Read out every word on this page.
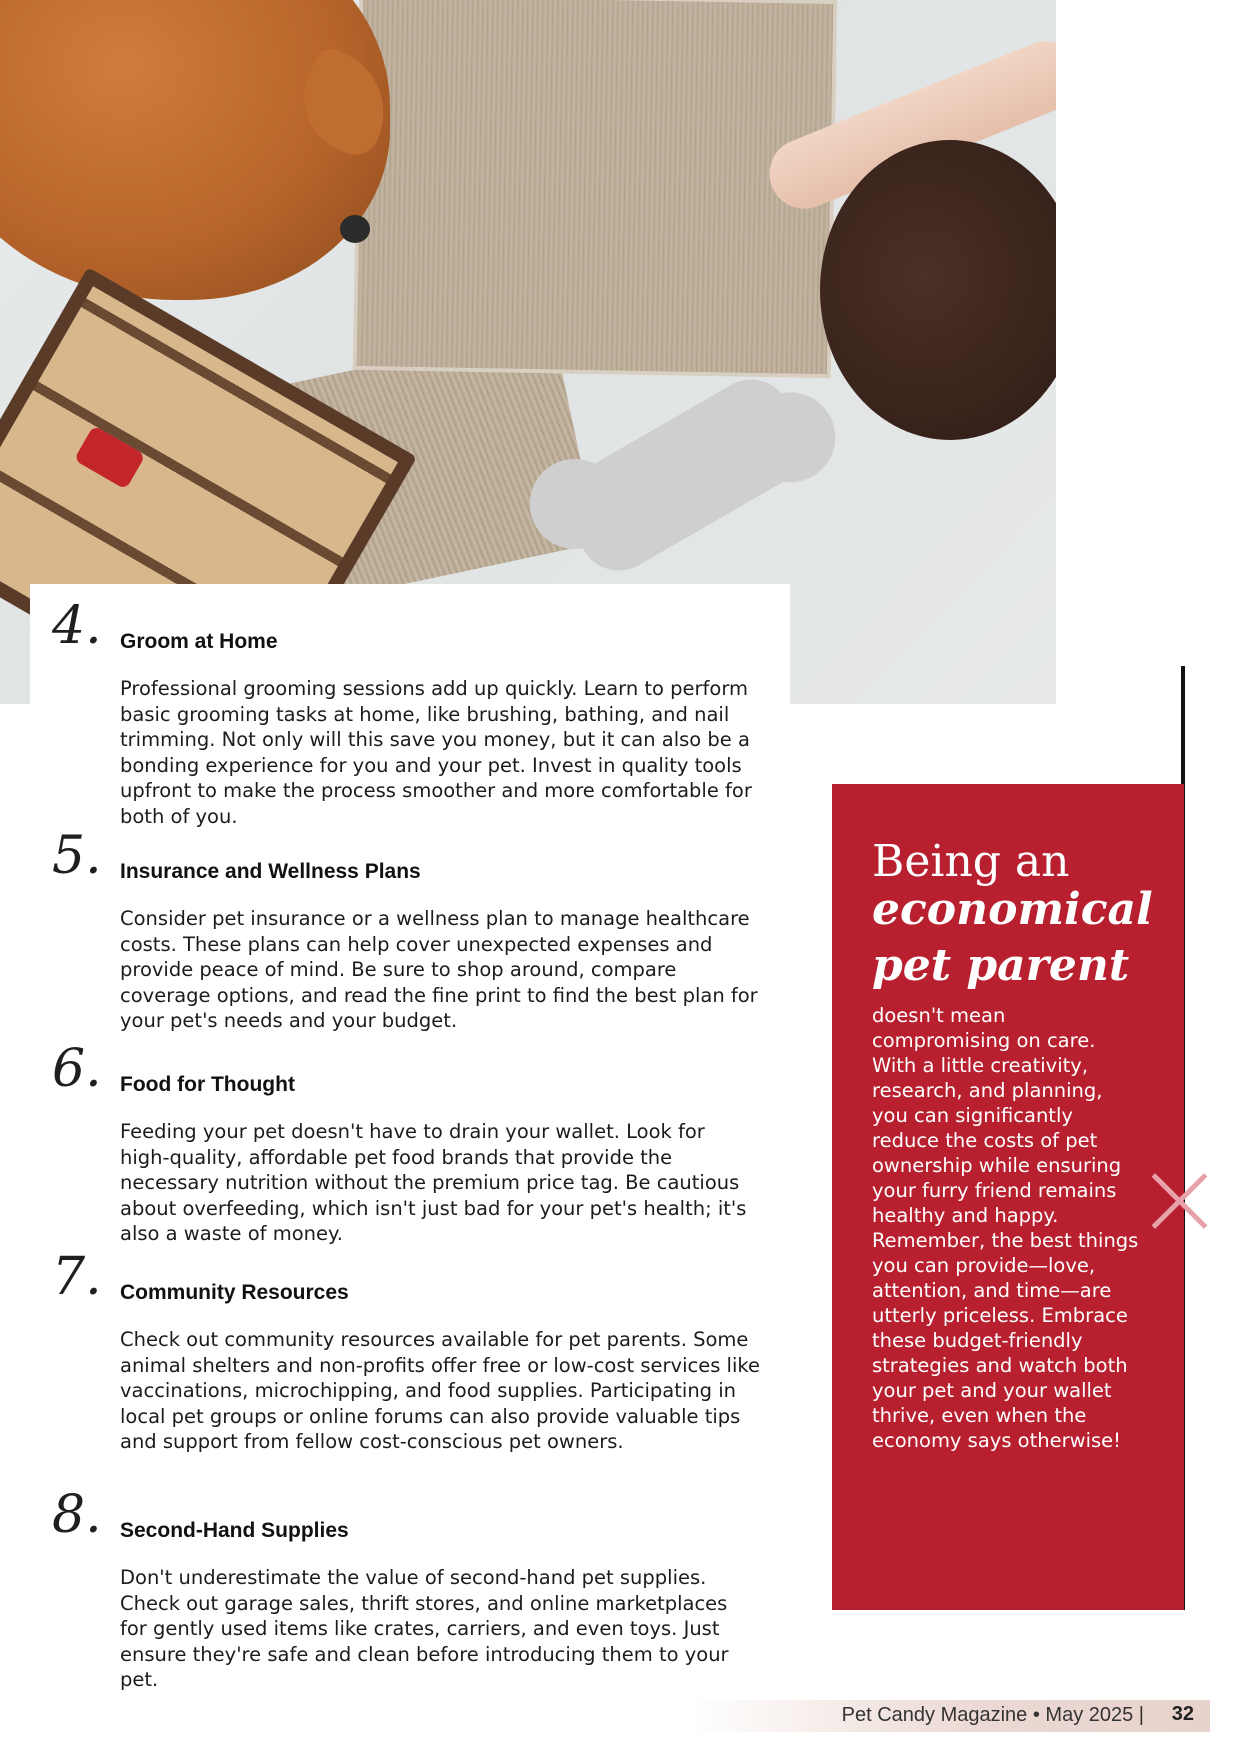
4. Groom at Home

Professional grooming sessions add up quickly. Learn to perform basic grooming tasks at home, like brushing, bathing, and nail trimming. Not only will this save you money, but it can also be a bonding experience for you and your pet. Invest in quality tools upfront to make the process smoother and more comfortable for both of you.

5. Insurance and Wellness Plans

Consider pet insurance or a wellness plan to manage healthcare costs. These plans can help cover unexpected expenses and provide peace of mind. Be sure to shop around, compare coverage options, and read the fine print to find the best plan for your pet's needs and your budget.

6. Food for Thought

Feeding your pet doesn't have to drain your wallet. Look for high-quality, affordable pet food brands that provide the necessary nutrition without the premium price tag. Be cautious about overfeeding, which isn't just bad for your pet's health; it's also a waste of money.

7. Community Resources

Check out community resources available for pet parents. Some animal shelters and non-profits offer free or low-cost services like vaccinations, microchipping, and food supplies. Participating in local pet groups or online forums can also provide valuable tips and support from fellow cost-conscious pet owners.

8. Second-Hand Supplies

Don't underestimate the value of second-hand pet supplies. Check out garage sales, thrift stores, and online marketplaces for gently used items like crates, carriers, and even toys. Just ensure they're safe and clean before introducing them to your pet.

Being an
economical pet parent
doesn't mean compromising on care. With a little creativity, research, and planning, you can significantly reduce the costs of pet ownership while ensuring your furry friend remains healthy and happy. Remember, the best things you can provide—love, attention, and time—are utterly priceless. Embrace these budget-friendly strategies and watch both your pet and your wallet thrive, even when the economy says otherwise!
Pet Candy Magazine • May 2025 | 32
